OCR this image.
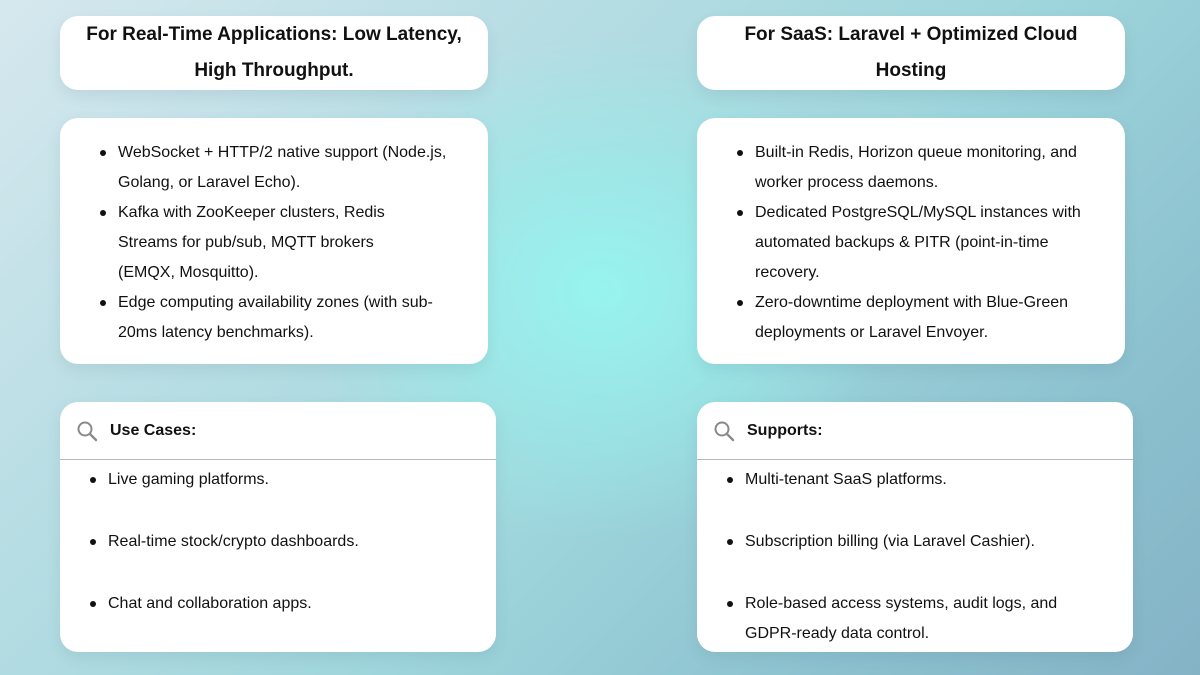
For Real-Time Applications: Low Latency, High Throughput.
WebSocket + HTTP/2 native support (Node.js, Golang, or Laravel Echo).
Kafka with ZooKeeper clusters, Redis Streams for pub/sub, MQTT brokers (EMQX, Mosquitto).
Edge computing availability zones (with sub-20ms latency benchmarks).
Use Cases:
Live gaming platforms.
Real-time stock/crypto dashboards.
Chat and collaboration apps.
For SaaS: Laravel + Optimized Cloud Hosting
Built-in Redis, Horizon queue monitoring, and worker process daemons.
Dedicated PostgreSQL/MySQL instances with automated backups & PITR (point-in-time recovery.
Zero-downtime deployment with Blue-Green deployments or Laravel Envoyer.
Supports:
Multi-tenant SaaS platforms.
Subscription billing (via Laravel Cashier).
Role-based access systems, audit logs, and GDPR-ready data control.
